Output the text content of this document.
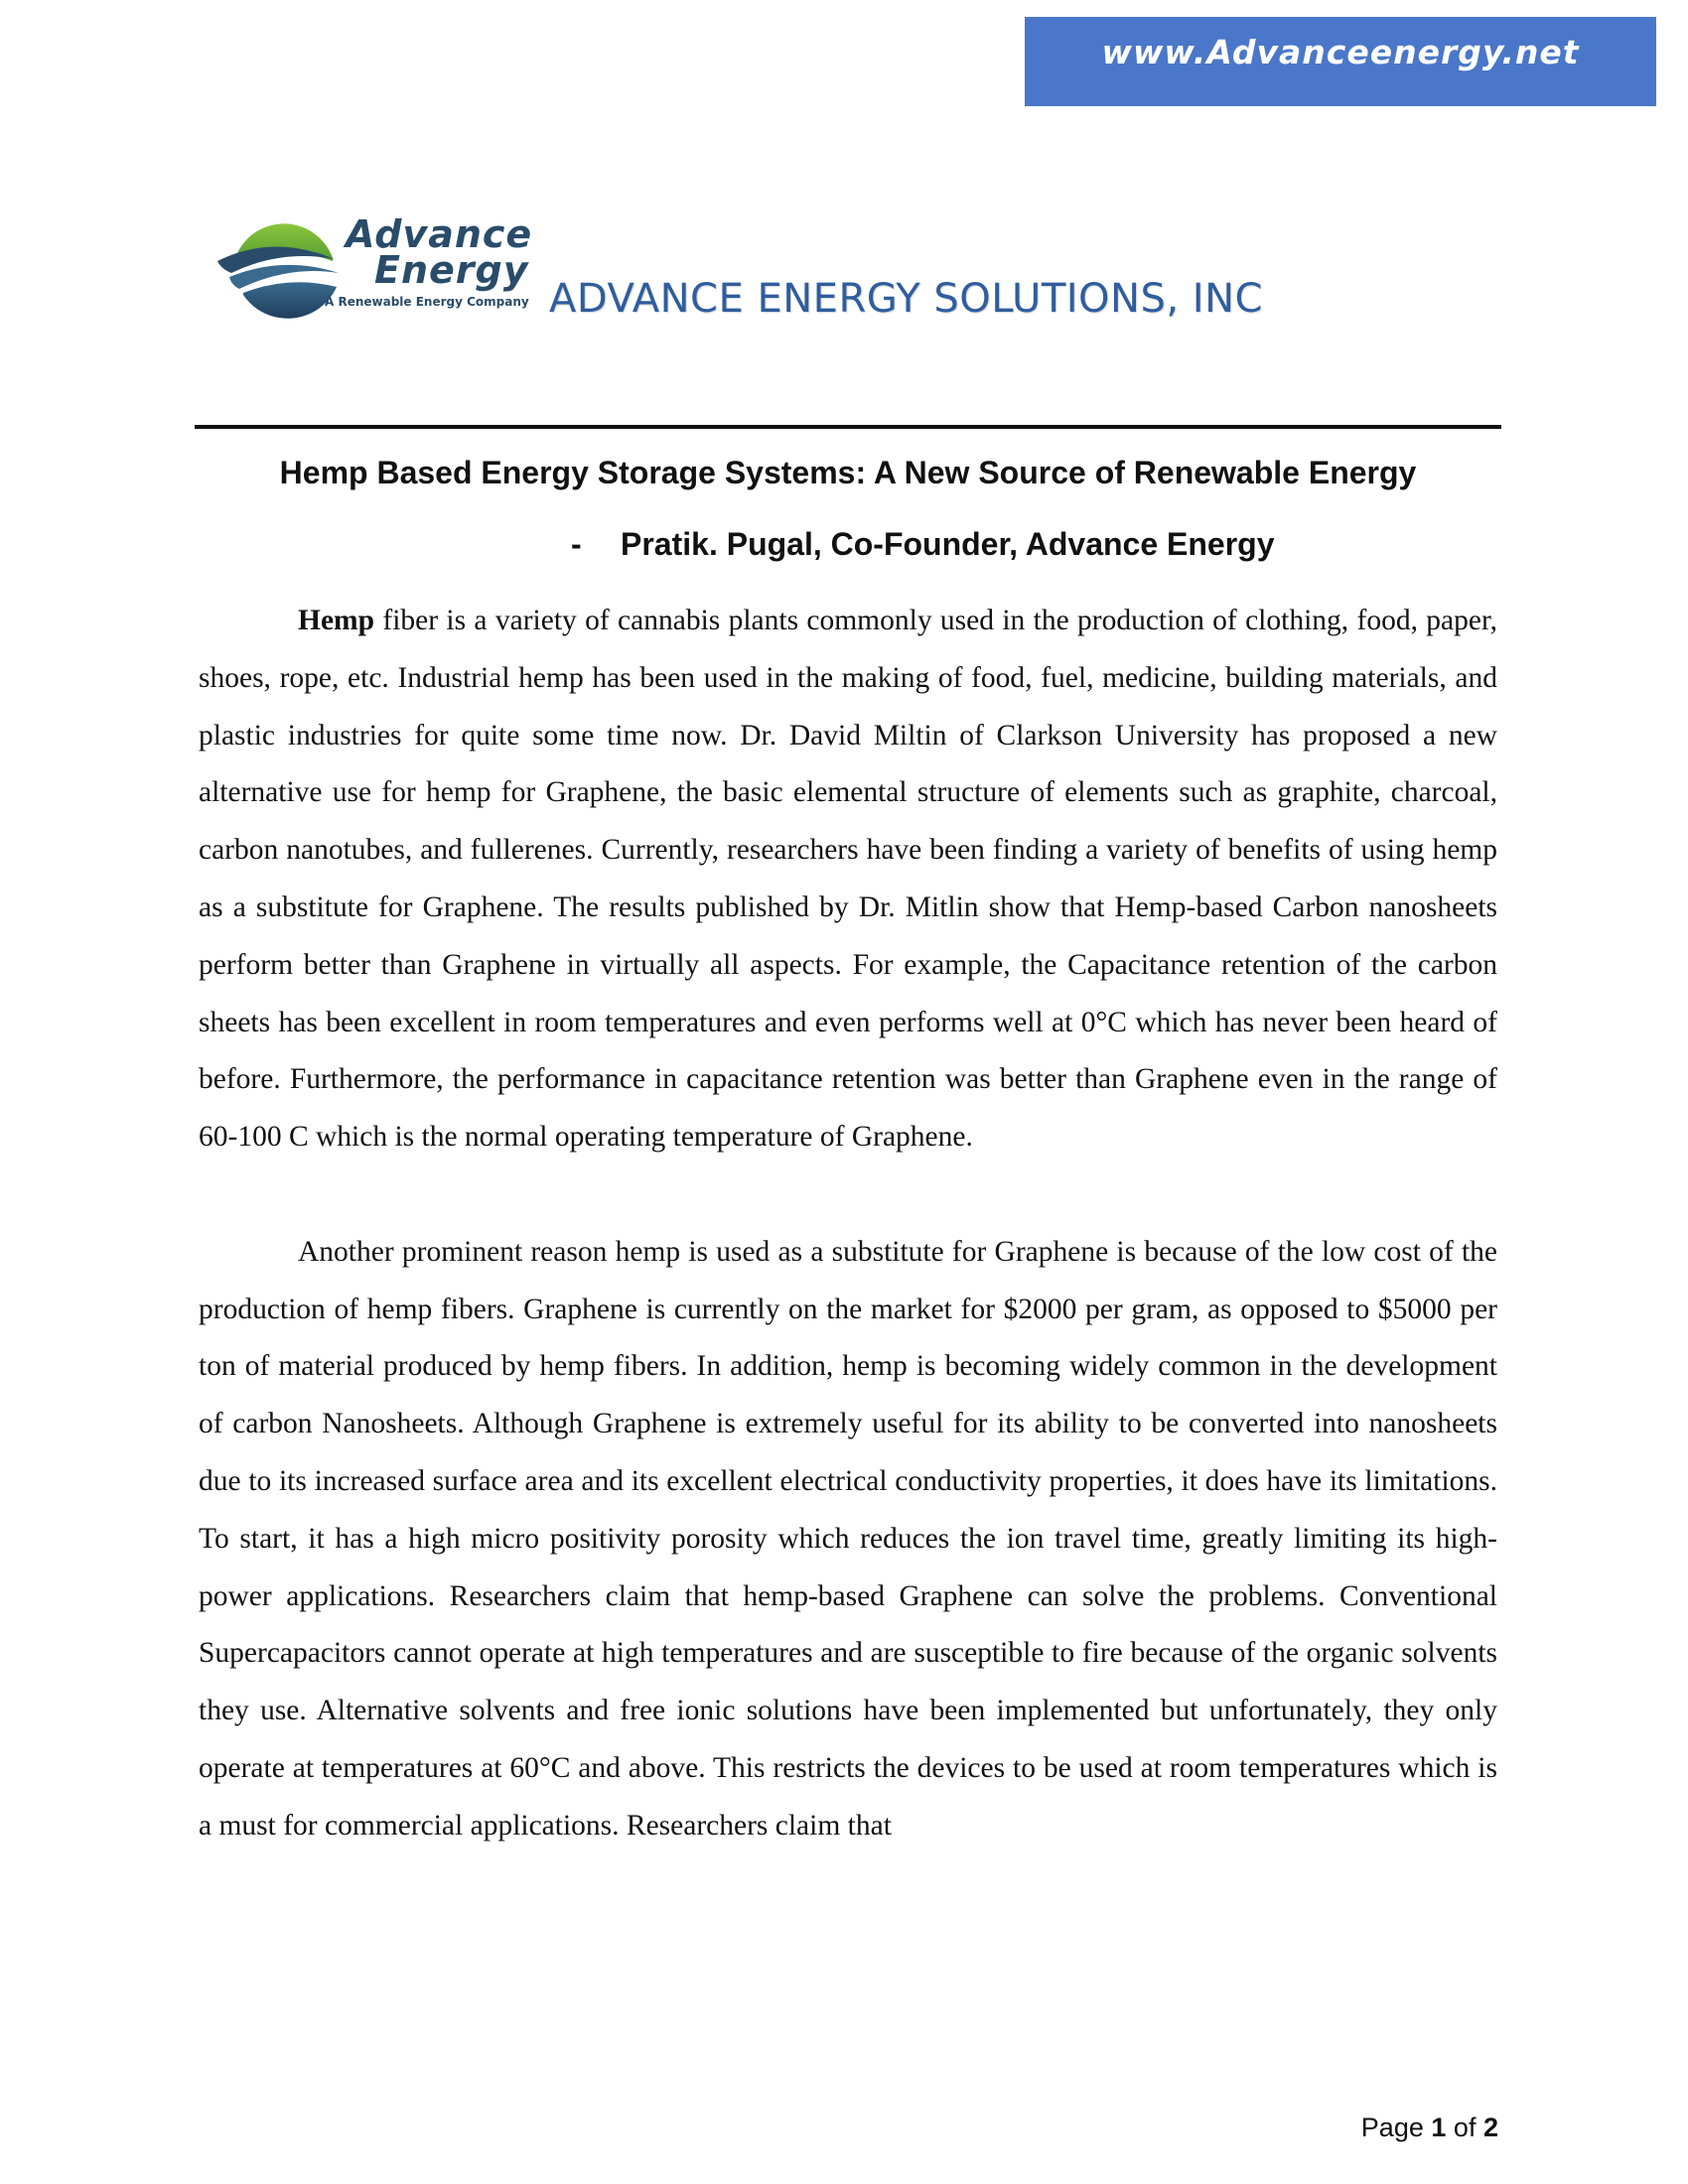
www.Advanceenergy.net
Advance
Energy
A Renewable Energy Company ADVANCE ENERGY SOLUTIONS, INC
Hemp Based Energy Storage Systems: A New Source of Renewable Energy
- Pratik. Pugal, Co-Founder, Advance Energy

Hemp fiber is a variety of cannabis plants commonly used in the production of clothing, food, paper, shoes, rope, etc. Industrial hemp has been used in the making of food, fuel, medicine, building materials, and plastic industries for quite some time now. Dr. David Miltin of Clarkson University has proposed a new alternative use for hemp for Graphene, the basic elemental structure of elements such as graphite, charcoal, carbon nanotubes, and fullerenes. Currently, researchers have been finding a variety of benefits of using hemp as a substitute for Graphene. The results published by Dr. Mitlin show that Hemp-based Carbon nanosheets perform better than Graphene in virtually all aspects. For example, the Capacitance retention of the carbon sheets has been excellent in room temperatures and even performs well at 0°C which has never been heard of before. Furthermore, the performance in capacitance retention was better than Graphene even in the range of 60-100 C which is the normal operating temperature of Graphene.

Another prominent reason hemp is used as a substitute for Graphene is because of the low cost of the production of hemp fibers. Graphene is currently on the market for $2000 per gram, as opposed to $5000 per ton of material produced by hemp fibers. In addition, hemp is becoming widely common in the development of carbon Nanosheets. Although Graphene is extremely useful for its ability to be converted into nanosheets due to its increased surface area and its excellent electrical conductivity properties, it does have its limitations. To start, it has a high micro positivity porosity which reduces the ion travel time, greatly limiting its high-power applications. Researchers claim that hemp-based Graphene can solve the problems. Conventional Supercapacitors cannot operate at high temperatures and are susceptible to fire because of the organic solvents they use. Alternative solvents and free ionic solutions have been implemented but unfortunately, they only operate at temperatures at 60°C and above. This restricts the devices to be used at room temperatures which is a must for commercial applications. Researchers claim that

Page 1 of 2
